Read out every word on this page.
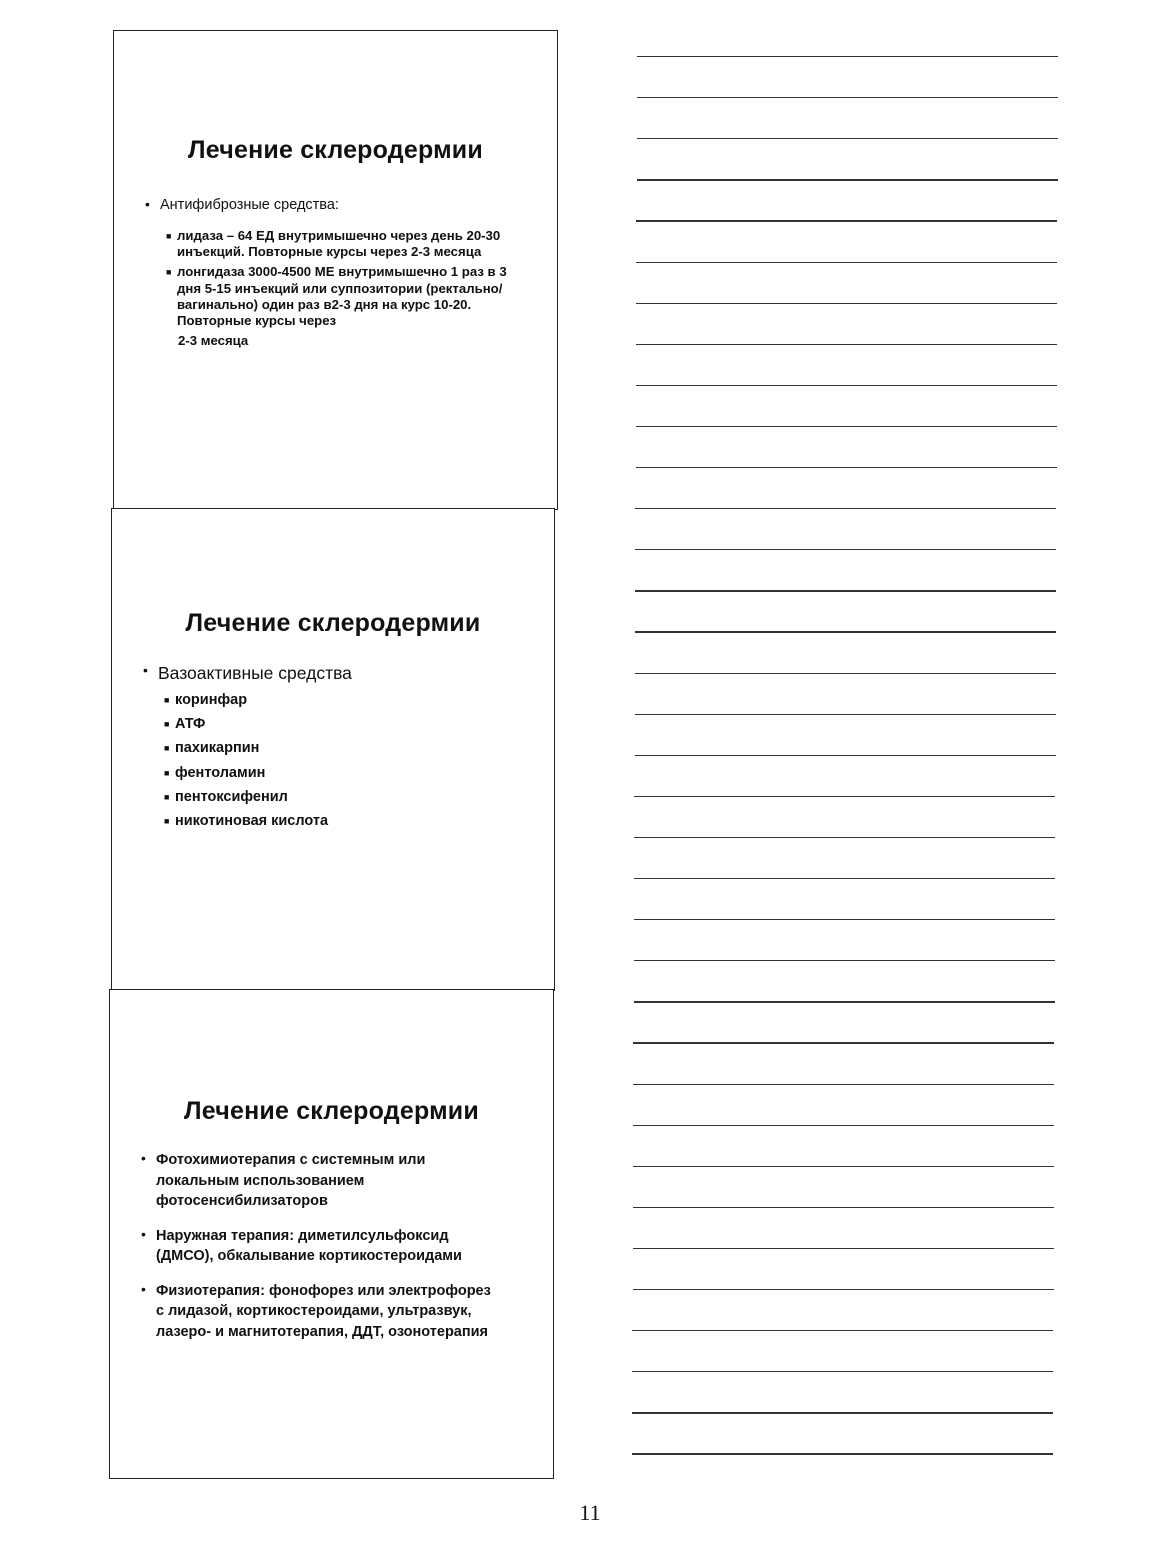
Лечение склеродермии
• Антифиброзные средства:
■ лидаза – 64 ЕД внутримышечно через день 20-30 инъекций. Повторные курсы через 2-3 месяца
■ лонгидаза 3000-4500 МЕ внутримышечно 1 раз в 3 дня 5-15 инъекций или суппозитории (ректально/вагинально) один раз в2-3 дня на курс 10-20. Повторные курсы через
2-3 месяца
Лечение склеродермии
• Вазоактивные средства
■ коринфар
■ АТФ
■ пахикарпин
■ фентоламин
■ пентоксифенил
■ никотиновая кислота
Лечение склеродермии
• Фотохимиотерапия с системным или локальным использованием фотосенсибилизаторов
• Наружная терапия: диметилсульфоксид (ДМСО), обкалывание кортикостероидами
• Физиотерапия: фонофорез или электрофорез с лидазой, кортикостероидами, ультразвук, лазеро- и магнитотерапия, ДДТ, озонотерапия
11
